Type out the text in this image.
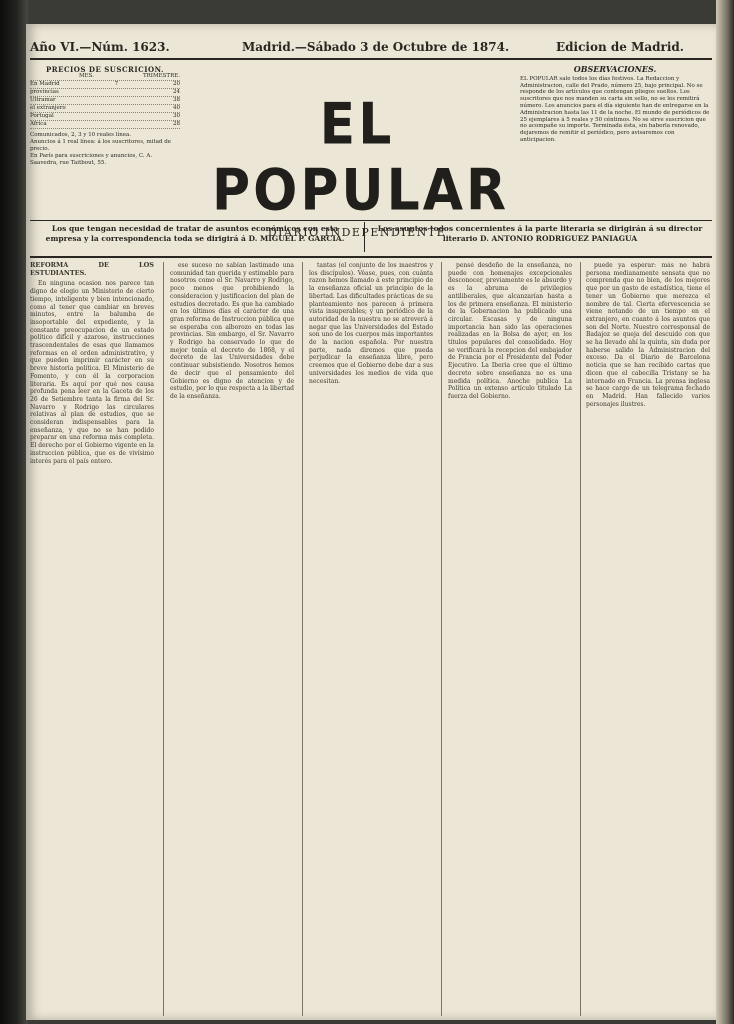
Año VI.—Núm. 1623.	Madrid.—Sábado 3 de Octubre de 1874.	Edicion de Madrid.
PRECIOS DE SUSCRICION.
MES.	TRIMESTRE.
En Madrid	7	20
provincias	24
Ultramar	38
el extranjero	40
Portugal	30
Africa	28
Comunicados, 2, 3 y 10 reales línea.
Anuncios á 1 real línea: á los suscritores, mitad de precio.
En París para suscriciones y anuncios, C. A. Saavedra, rue Taitbout, 55.
EL POPULAR
DIARIO INDEPENDIENTE
OBSERVACIONES.
EL POPULAR sale todos los días festivos. La Redaccion y Administracion, calle del Prado, número 25, bajo principal. No se responde de los artículos que contengan pliegos sueltos. Los suscritores que nos manden su carta sin sello, no se les remitirá número. Los anuncios para el día siguiente han de entregarse en la Administracion hasta las 11 de la noche. El mundo de periódicos de 25 ejemplares á 5 reales y 50 céntimos. No se sirve suscricion que no acompañe su importe. Terminada ésta, sin haberla renovado, dejaremos de remitir el periódico, pero avisaremos con anticipacion.
Los que tengan necesidad de tratar de asuntos económicos con esta empresa y la correspondencia toda se dirigirá á D. MIGUEL P. GARCIA.
Los asuntos todos concernientes á la parte literaria se dirigirán á su director literario D. ANTONIO RODRIGUEZ PANIAGUA

REFORMA DE LOS ESTUDIANTES.

En ninguna ocasion nos parece tan digno de elogio un Ministerio de cierto tiempo, inteligente y bien intencionado, como al tener que cambiar en breves minutos, entre la balumba de insoportable del expediente, y la constante preocupacion de un estado político difícil y azaroso, instrucciones trascendentales de esas que llamamos reformas en el orden administrativo, y que pueden imprimir carácter en su breve historia política. El Ministerio de Fomento, y con él la corporacion literaria. Es aquí por qué nos causa profunda pena leer en la Gaceta de los 26 de Setiembre tanta la firma del Sr. Navarro y Rodrigo las circulares relativas al plan de estudios, que se consideran indispensables para la enseñanza, y que no se han podido preparar en una reforma más completa. El derecho por el Gobierno vigente en la instruccion pública, que es de vivísimo interés para el país entero.

ese suceso no sabían lastimado una comunidad tan querida y estimable para nosotros como el Sr. Navarro y Rodrigo, poco menos que prohibiendo la consideracion y justificacion del plan de estudios decretado. Es que ha cambiado en los últimos días el carácter de una gran reforma de Instruccion pública que se esperaba con alborozo en todas las provincias. Sin embargo, el Sr. Navarro y Rodrigo ha conservado lo que de mejor tenía el decreto de 1868, y el decreto de las Universidades debe continuar subsistiendo. Nosotros hemos de decir que el pensamiento del Gobierno es digno de atencion y de estudio, por lo que respecta a la libertad de la enseñanza.

tantas (el conjunto de los maestros y los discípulos). Véase, pues, con cuánta razon hemos llamado á este principio de la enseñanza oficial un principio de la libertad. Las dificultades prácticas de su planteamiento nos parecen á primera vista insuperables; y un periódico de la autoridad de la nuestra no se atreverá á negar que las Universidades del Estado son uno de los cuerpos más importantes de la nacion española. Por nuestra parte, nada diremos que pueda perjudicar la enseñanza libre, pero creemos que el Gobierno debe dar a sus universidades los medios de vida que necesitan.

pensé desdeño de la enseñanza, no puede con homenajes excepcionales desconocer, previamente es le absurdo y es la abruma de privilegios antiliberales, que alcanzarían hasta a los de primera enseñanza. El ministerio de la Gobernacion ha publicado una circular. Escasas y de ninguna importancia han sido las operaciones realizadas en la Bolsa de ayer, en los títulos populares del consolidado. Hoy se verificará la recepcion del embajador de Francia por el Presidente del Poder Ejecutivo. La Iberia cree que el último decreto sobre enseñanza no es una medida política. Anoche publica La Política un extenso artículo titulado La fuerza del Gobierno.

puede ya esperar: más no habrá persona medianamente sensata que no comprenda que no bien, de los mejores que por un gasto de estadística, tiene el tener un Gobierno que merezca el nombre de tal. Cierta efervescencia se viene notando de un tiempo en el extranjero, en cuanto á los asuntos que son del Norte. Nuestro corresponsal de Badajoz se queja del descuido con que se ha llevado ahí la quinta, sin duda por haberse salido la Administracion del exceso. Da el Diario de Barcelona noticia que se han recibido cartas que dicen que el cabecilla Tristany se ha internado en Francia. La prensa inglesa se hace cargo de un telegrama fechado en Madrid. Han fallecido varios personajes ilustres.
